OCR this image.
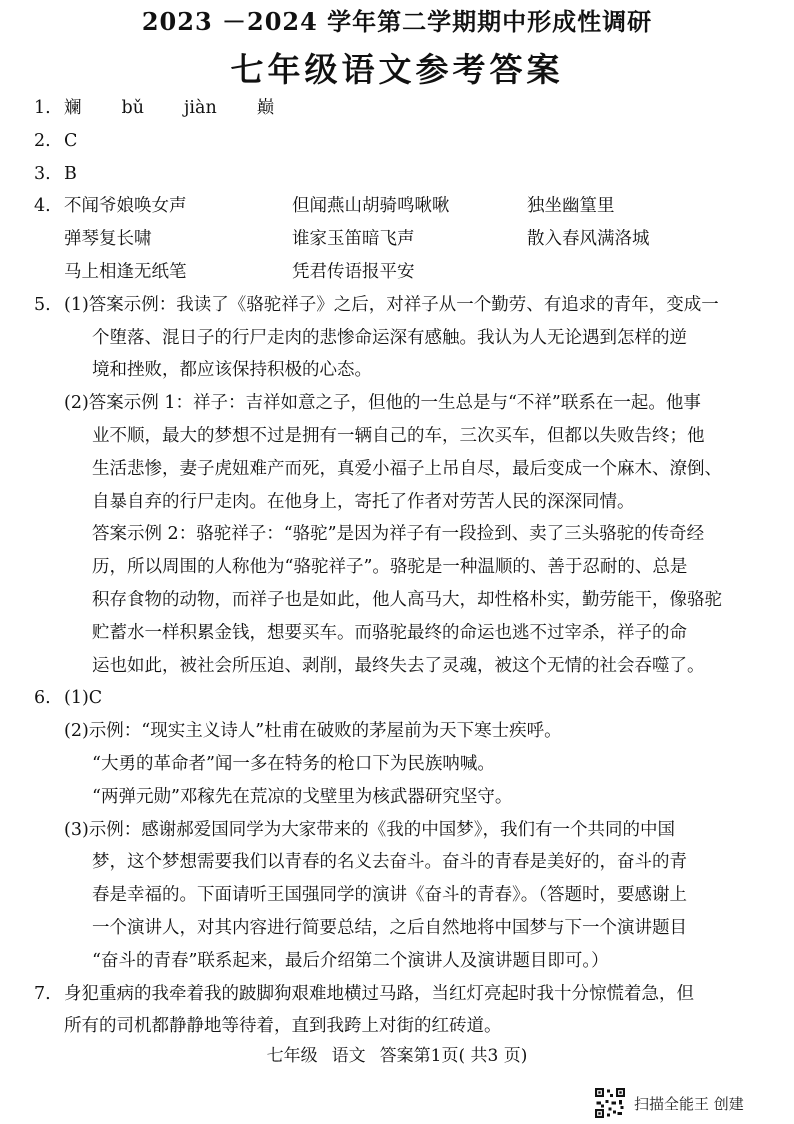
2023 －2024 学年第二学期期中形成性调研
七年级语文参考答案
1. 斓 bǔ jiàn 巅
2. C
3. B
4. 不闻爷娘唤女声	但闻燕山胡骑鸣啾啾	独坐幽篁里
弹琴复长啸	谁家玉笛暗飞声	散入春风满洛城
马上相逢无纸笔	凭君传语报平安
5. (1)答案示例：我读了《骆驼祥子》之后，对祥子从一个勤劳、有追求的青年，变成一
个堕落、混日子的行尸走肉的悲惨命运深有感触。我认为人无论遇到怎样的逆
境和挫败，都应该保持积极的心态。
(2)答案示例 1：祥子：吉祥如意之子，但他的一生总是与“不祥”联系在一起。他事
业不顺，最大的梦想不过是拥有一辆自己的车，三次买车，但都以失败告终；他
生活悲惨，妻子虎妞难产而死，真爱小福子上吊自尽，最后变成一个麻木、潦倒、
自暴自弃的行尸走肉。在他身上，寄托了作者对劳苦人民的深深同情。
答案示例 2：骆驼祥子：“骆驼”是因为祥子有一段捡到、卖了三头骆驼的传奇经
历，所以周围的人称他为“骆驼祥子”。骆驼是一种温顺的、善于忍耐的、总是
积存食物的动物，而祥子也是如此，他人高马大，却性格朴实，勤劳能干，像骆驼
贮蓄水一样积累金钱，想要买车。而骆驼最终的命运也逃不过宰杀，祥子的命
运也如此，被社会所压迫、剥削，最终失去了灵魂，被这个无情的社会吞噬了。
6. (1)C
(2)示例：“现实主义诗人”杜甫在破败的茅屋前为天下寒士疾呼。
“大勇的革命者”闻一多在特务的枪口下为民族呐喊。
“两弹元勋”邓稼先在荒凉的戈壁里为核武器研究坚守。
(3)示例：感谢郝爱国同学为大家带来的《我的中国梦》，我们有一个共同的中国
梦，这个梦想需要我们以青春的名义去奋斗。奋斗的青春是美好的，奋斗的青
春是幸福的。下面请听王国强同学的演讲《奋斗的青春》。（答题时，要感谢上
一个演讲人，对其内容进行简要总结，之后自然地将中国梦与下一个演讲题目
“奋斗的青春”联系起来，最后介绍第二个演讲人及演讲题目即可。）
7. 身犯重病的我牵着我的跛脚狗艰难地横过马路，当红灯亮起时我十分惊慌着急，但
所有的司机都静静地等待着，直到我跨上对街的红砖道。
七年级 语文 答案第1页( 共3 页)
扫描全能王 创建
